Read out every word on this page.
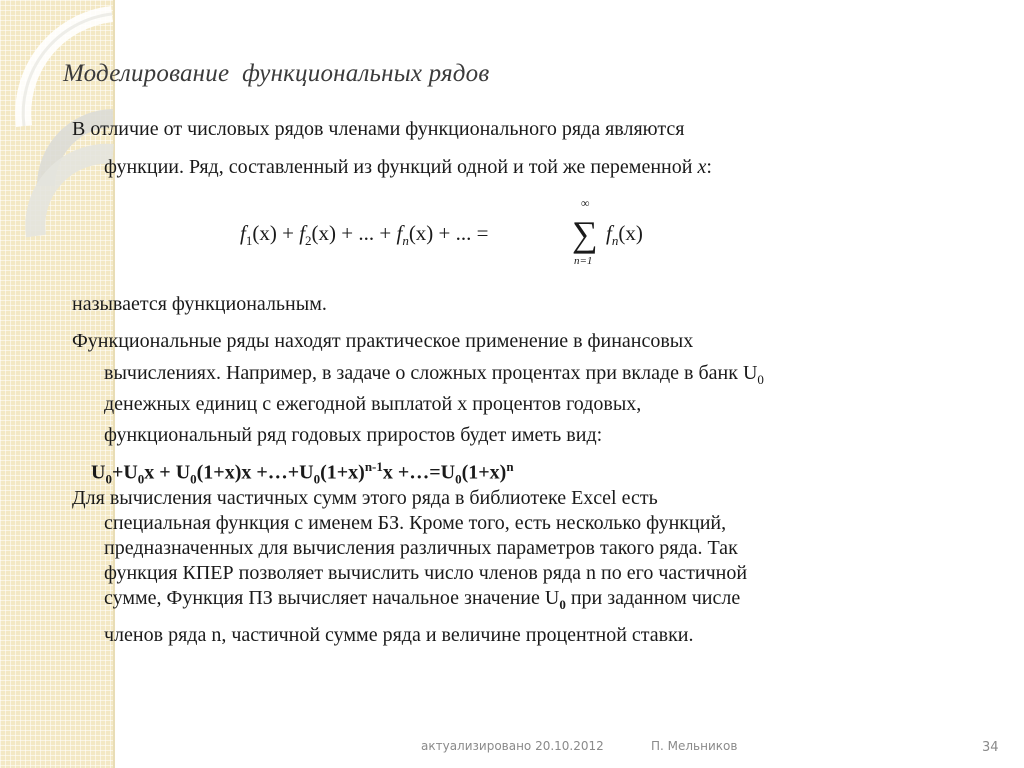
Моделирование  функциональных рядов
В отличие от числовых рядов членами функционального ряда являются
функции. Ряд, составленный из функций одной и той же переменной x:
$f_1(x) + f_2(x)$ + ... + $f_n(x)$ + ... =
∞
∑
n=1
$f_n(x)$
называется функциональным.
Функциональные ряды находят практическое применение в финансовых
вычислениях. Например, в задаче о сложных процентах при вкладе в банк $U_0$
денежных единиц с ежегодной выплатой x процентов годовых,
функциональный ряд годовых приростов будет иметь вид:
$U_0+U_0x + U_0(1+x)x$ $+\dots+U_0(1+x)^{n-1}x$ $+\dots=U_0(1+x)^n$
Для вычисления частичных сумм этого ряда в библиотеке Excel есть
специальная функция с именем БЗ. Кроме того, есть несколько функций,
предназначенных для вычисления различных параметров такого ряда. Так
функция КПЕР позволяет вычислить число членов ряда n по его частичной
сумме, Функция ПЗ вычисляет начальное значение $U_0$ при заданном числе
членов ряда n, частичной сумме ряда и величине процентной ставки.
актуализировано 20.10.2012	П. Мельников	34
